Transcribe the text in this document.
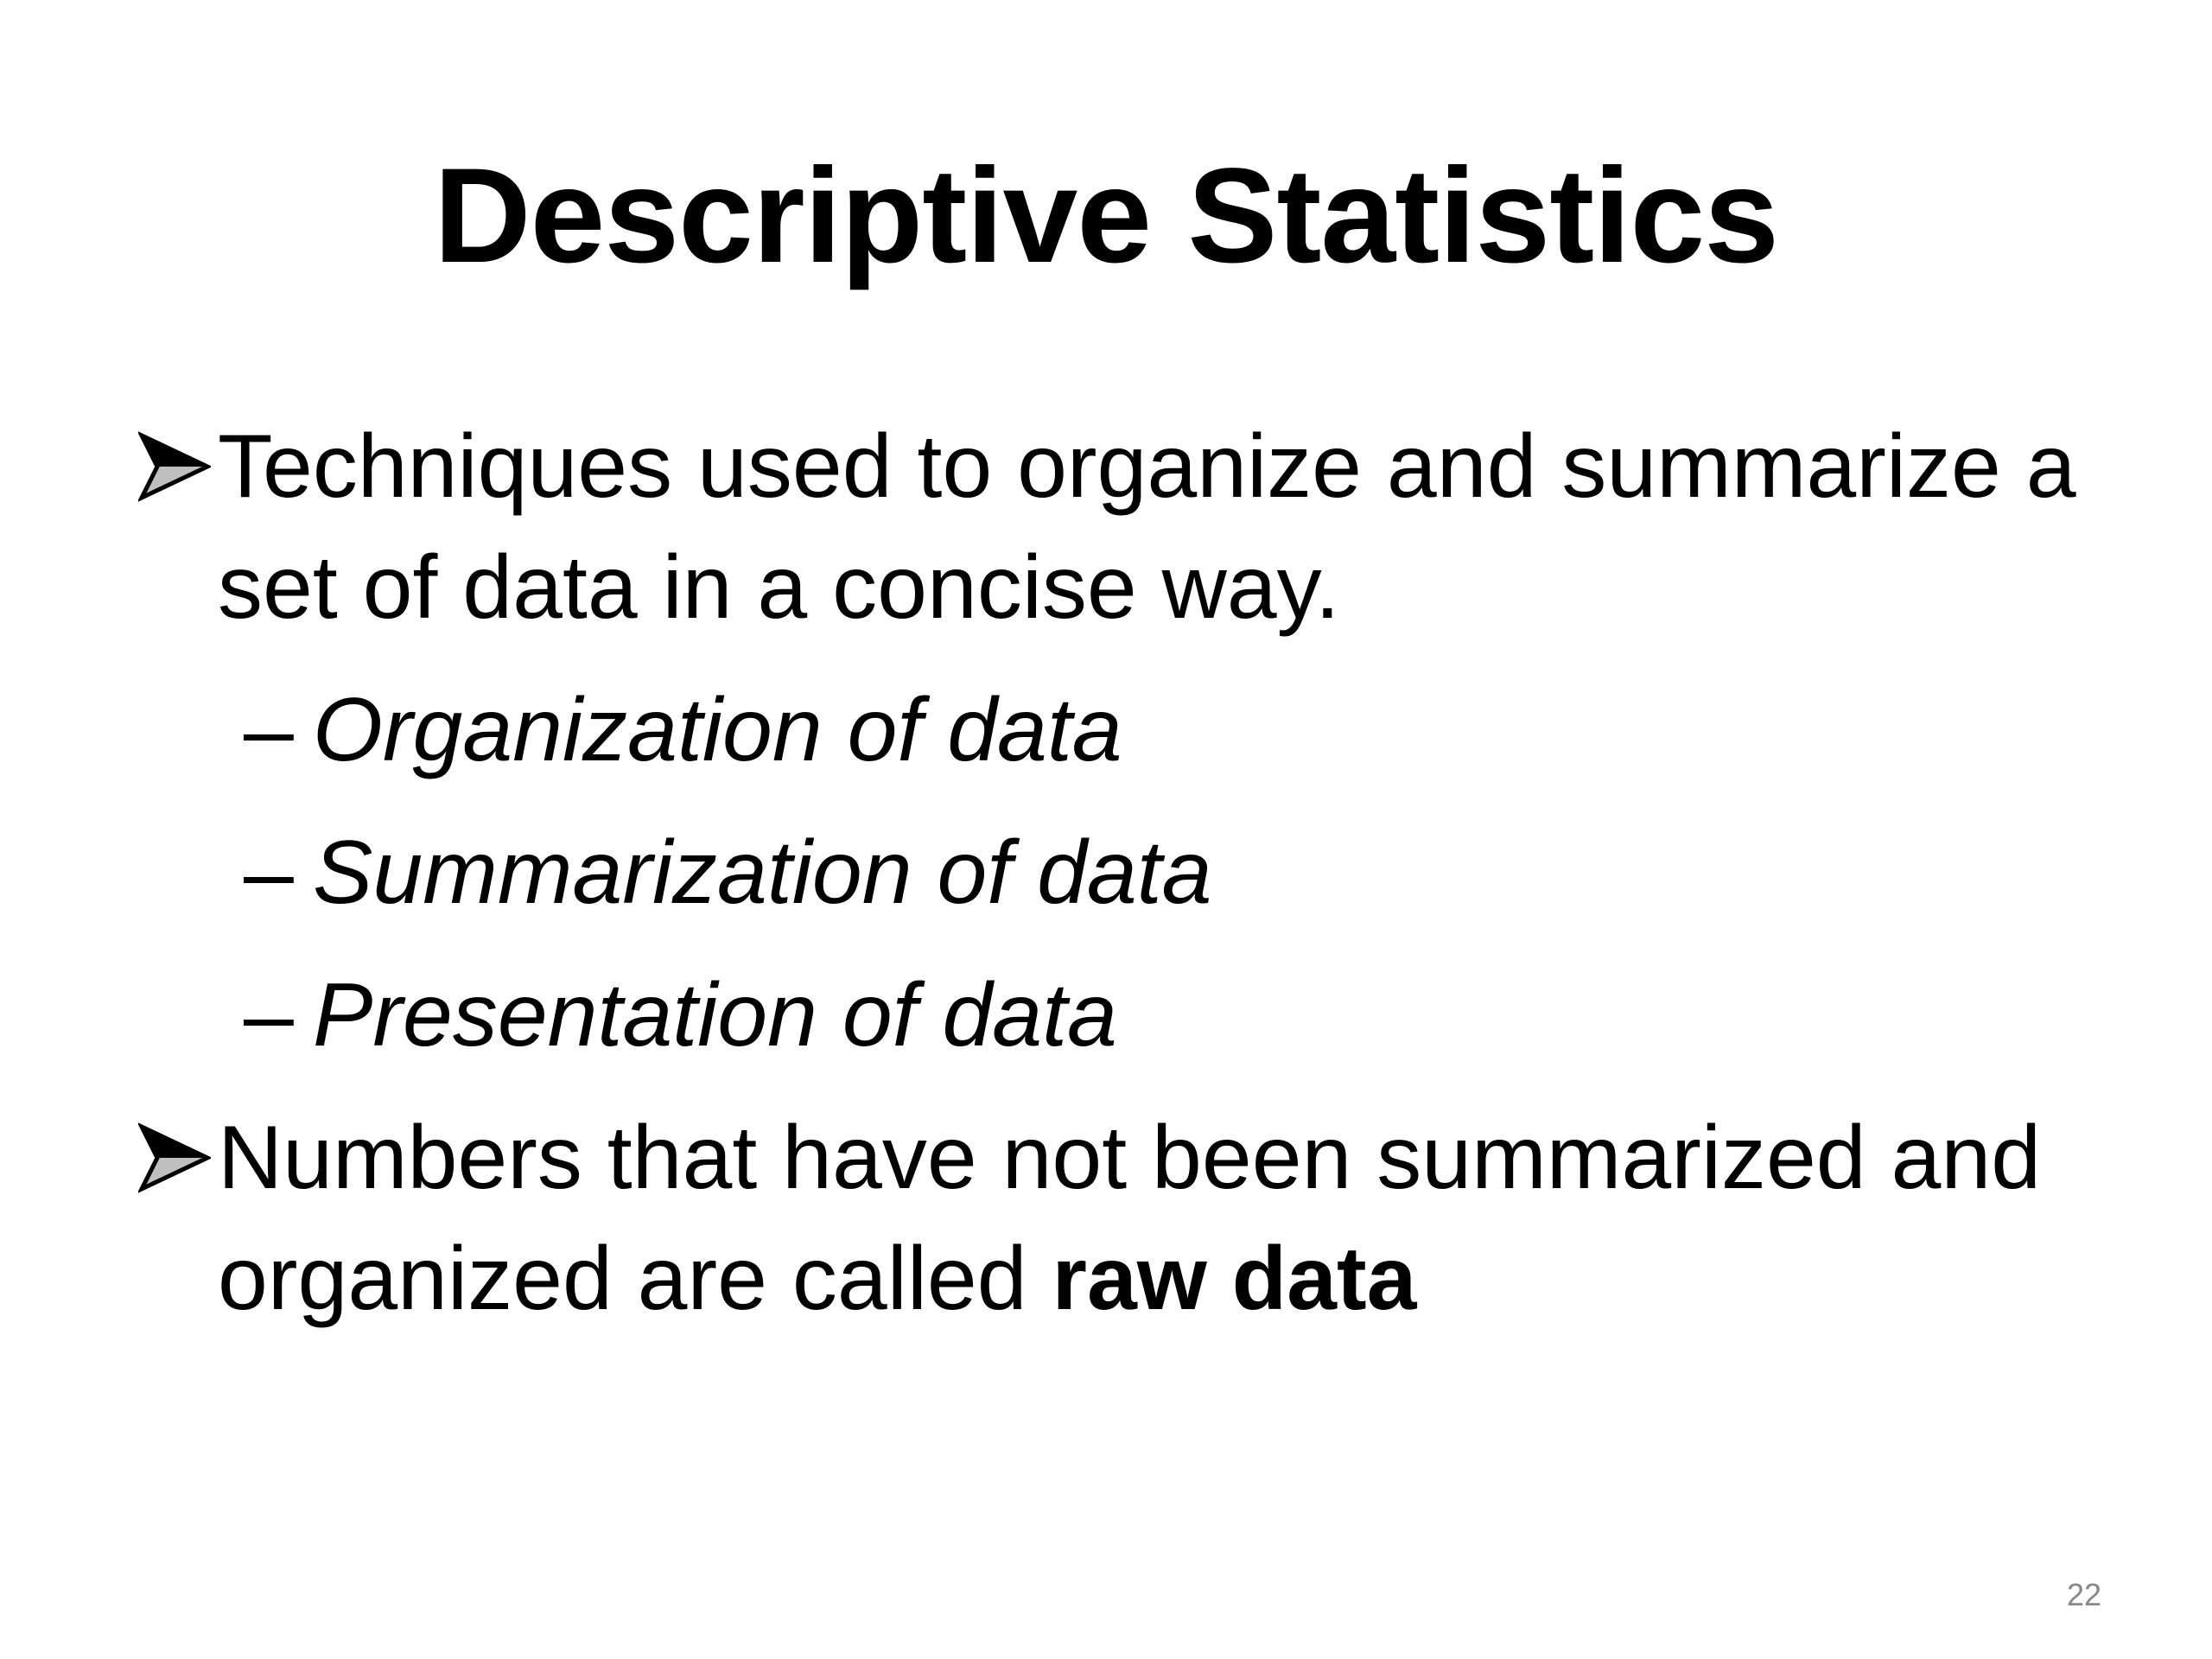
Descriptive Statistics
Techniques used to organize and summarize a set of data in a concise way.
– Organization of data
– Summarization of data
– Presentation of data
Numbers that have not been summarized and organized are called raw data
22
